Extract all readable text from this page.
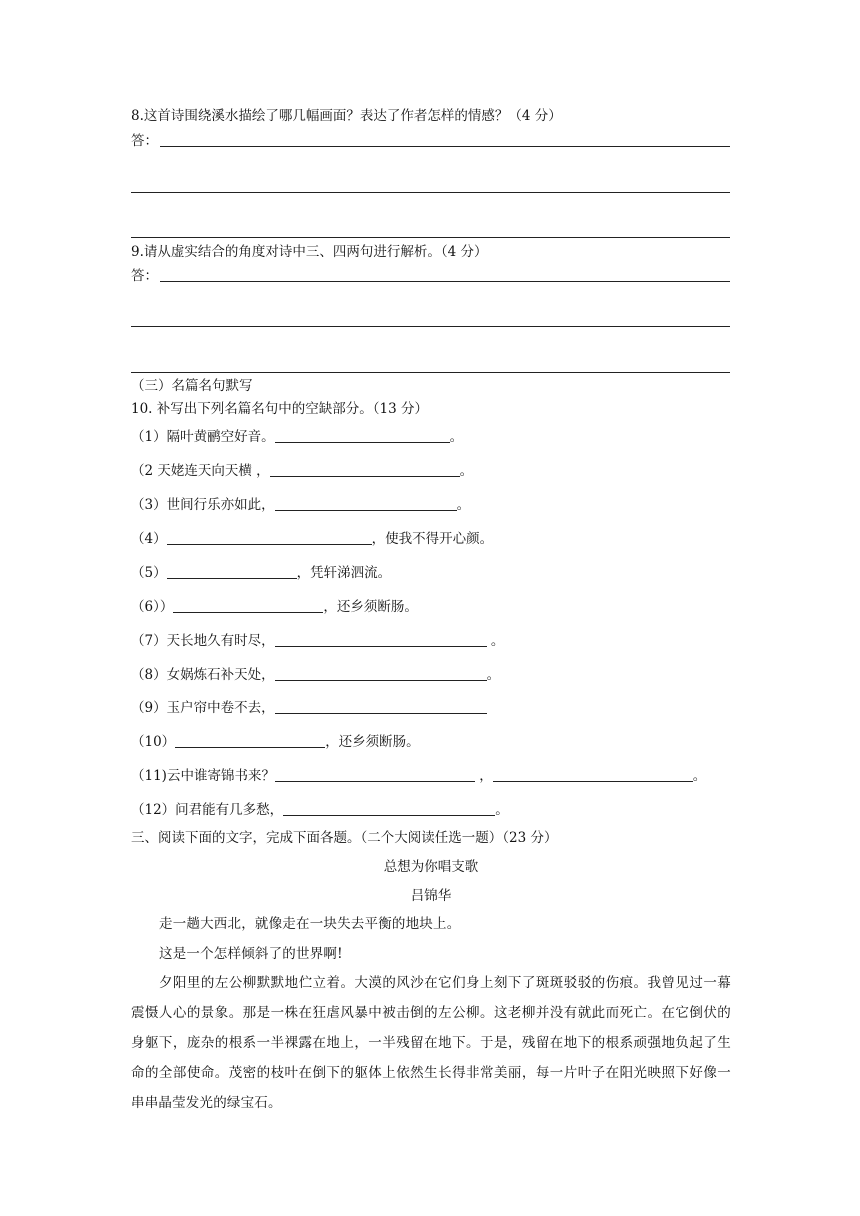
8.这首诗围绕溪水描绘了哪几幅画面？表达了作者怎样的情感？（4 分）
答：
9.请从虚实结合的角度对诗中三、四两句进行解析。（4 分）
答：
（三）名篇名句默写
10. 补写出下列名篇名句中的空缺部分。（13 分）
（1）隔叶黄鹂空好音。	。
（2 天姥连天向天横 ，	。
（3）世间行乐亦如此，	。
（4）	，使我不得开心颜。
（5）	，凭轩涕泗流。
（6））	，还乡须断肠。
（7）天长地久有时尽，	。
（8）女娲炼石补天处，	。
（9）玉户帘中卷不去，
（10）	，还乡须断肠。
（11)云中谁寄锦书来？	，	。
（12）问君能有几多愁，	。
三、阅读下面的文字，完成下面各题。（二个大阅读任选一题）（23 分）
总想为你唱支歌
吕锦华
走一趟大西北，就像走在一块失去平衡的地块上。
这是一个怎样倾斜了的世界啊!
夕阳里的左公柳默默地伫立着。大漠的风沙在它们身上刻下了斑斑驳驳的伤痕。我曾见过一幕震慑人心的景象。那是一株在狂虐风暴中被击倒的左公柳。这老柳并没有就此而死亡。在它倒伏的身躯下，庞杂的根系一半裸露在地上，一半残留在地下。于是，残留在地下的根系顽强地负起了生命的全部使命。茂密的枝叶在倒下的躯体上依然生长得非常美丽，每一片叶子在阳光映照下好像一串串晶莹发光的绿宝石。
